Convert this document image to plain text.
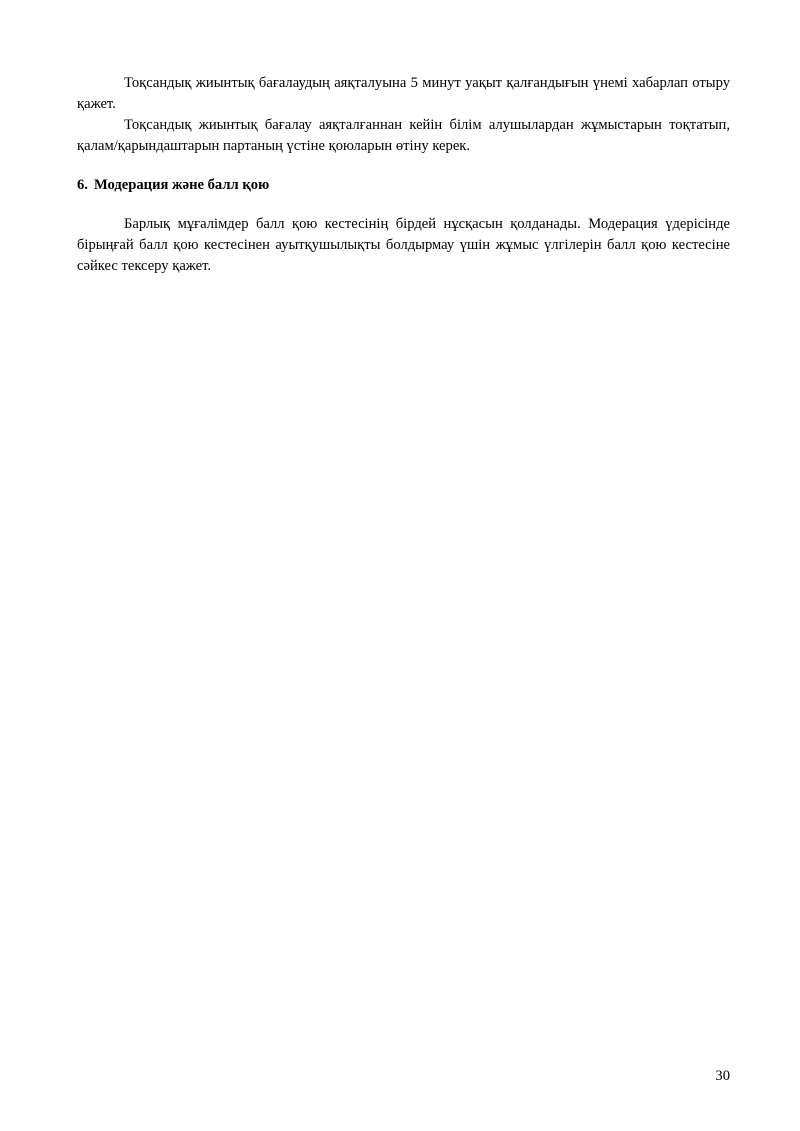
Тоқсандық жиынтық бағалаудың аяқталуына 5 минут уақыт қалғандығын үнемі хабарлап отыру қажет.

Тоқсандық жиынтық бағалау аяқталғаннан кейін білім алушылардан жұмыстарын тоқтатып, қалам/қарындаштарын партаның үстіне қоюларын өтіну керек.

6. Модерация және балл қою

Барлық мұғалімдер балл қою кестесінің бірдей нұсқасын қолданады. Модерация үдерісінде бірыңғай балл қою кестесінен ауытқушылықты болдырмау үшін жұмыс үлгілерін балл қою кестесіне сәйкес тексеру қажет.

30
